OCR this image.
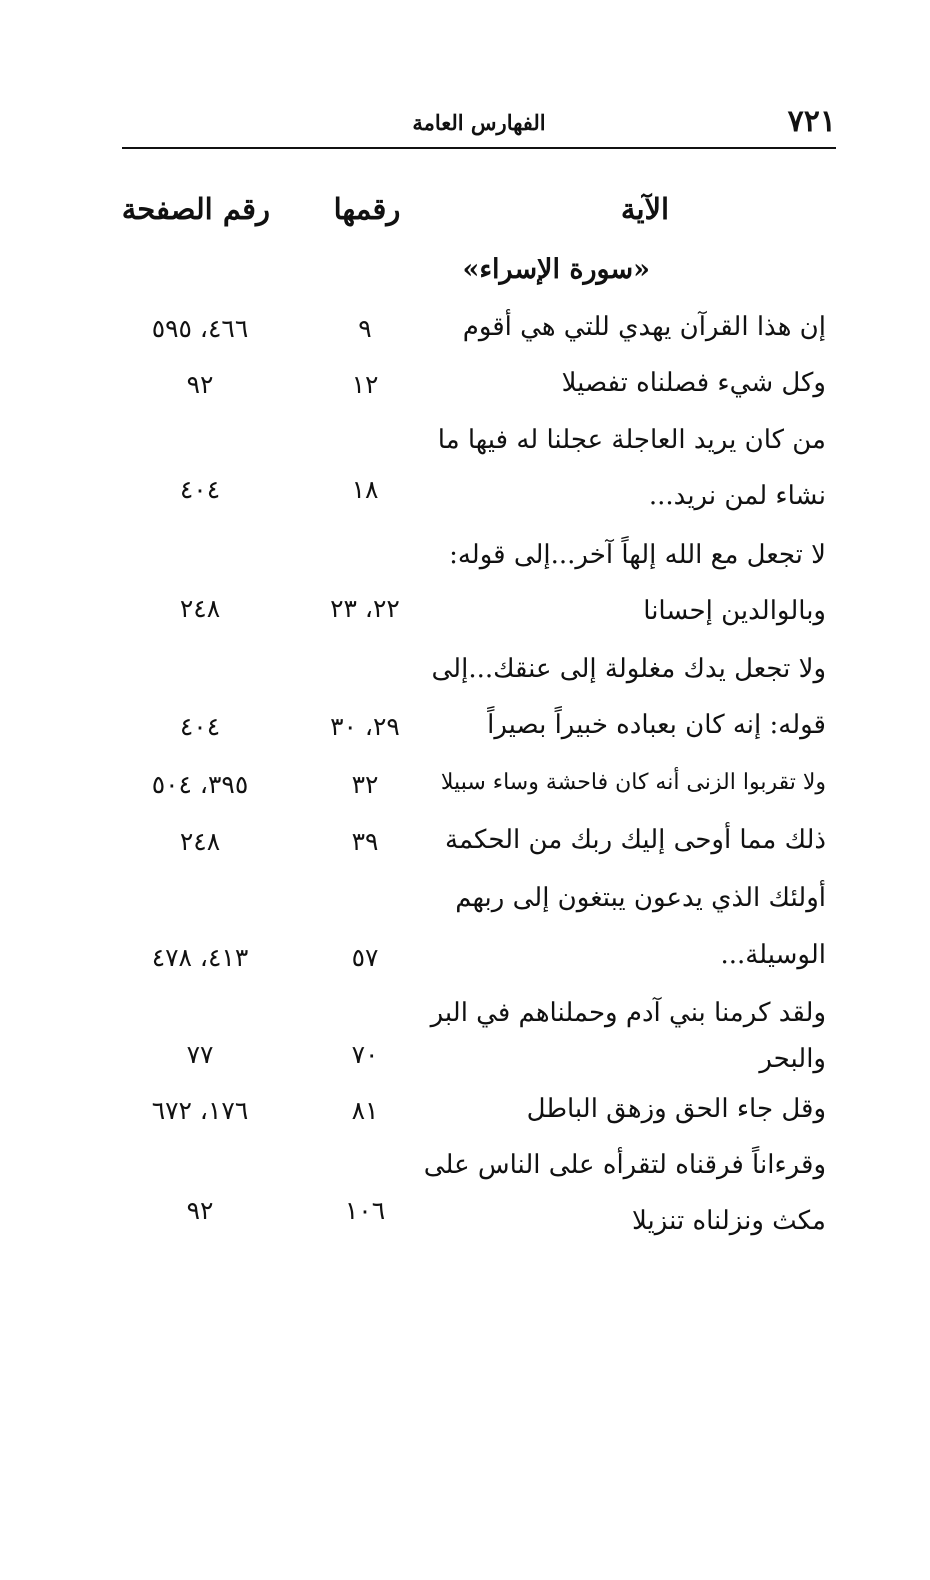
٧٢١
الفهارس العامة
الآية
رقمها
رقم الصفحة
«سورة الإسراء»
إن هذا القرآن يهدي للتي هي أقوم
٩
٤٦٦، ٥٩٥
وكل شيء فصلناه تفصيلا
١٢
٩٢
من كان يريد العاجلة عجلنا له فيها ما
نشاء لمن نريد...
١٨
٤٠٤
لا تجعل مع الله إلهاً آخر...إلى قوله:
وبالوالدين إحسانا
٢٢، ٢٣
٢٤٨
ولا تجعل يدك مغلولة إلى عنقك...إلى
قوله: إنه كان بعباده خبيراً بصيراً
٢٩، ٣٠
٤٠٤
ولا تقربوا الزنى أنه كان فاحشة وساء سبيلا
٣٢
٣٩٥، ٥٠٤
ذلك مما أوحى إليك ربك من الحكمة
٣٩
٢٤٨
أولئك الذي يدعون يبتغون إلى ربهم
الوسيلة...
٥٧
٤١٣، ٤٧٨
ولقد كرمنا بني آدم وحملناهم في البر
والبحر
٧٠
٧٧
وقل جاء الحق وزهق الباطل
٨١
١٧٦، ٦٧٢
وقرءاناً فرقناه لتقرأه على الناس على
مكث ونزلناه تنزيلا
١٠٦
٩٢
